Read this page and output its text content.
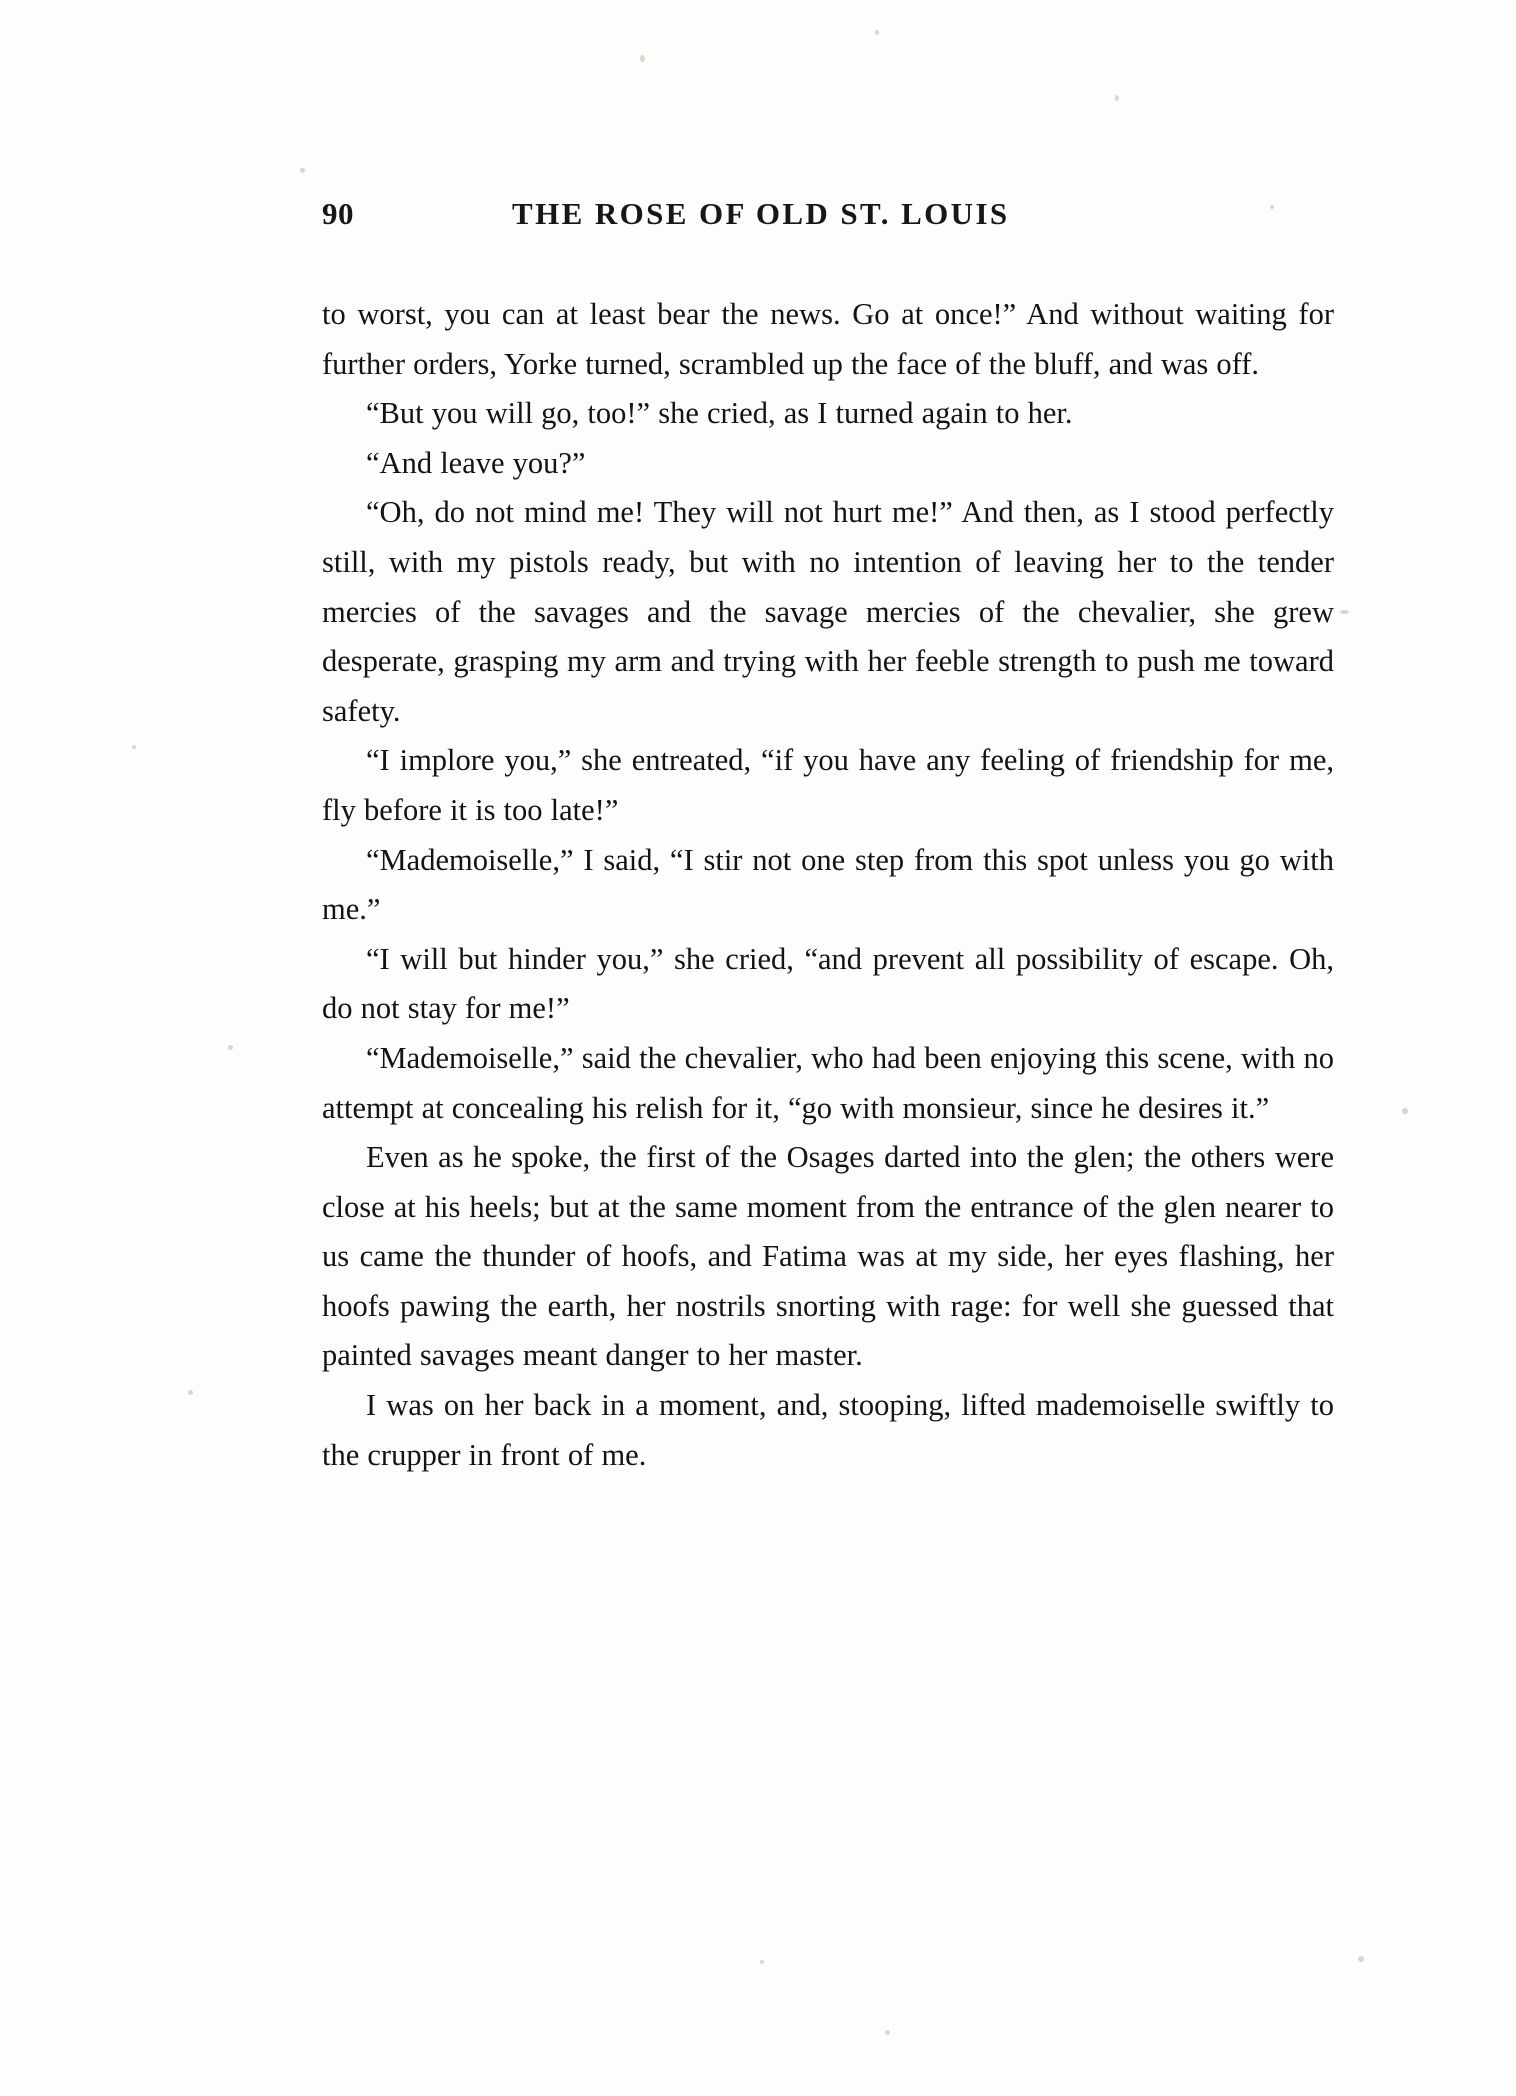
90	THE ROSE OF OLD ST. LOUIS

to worst, you can at least bear the news. Go at once!” And without waiting for further orders, Yorke turned, scrambled up the face of the bluff, and was off.

“But you will go, too!” she cried, as I turned again to her.

“And leave you?”

“Oh, do not mind me! They will not hurt me!” And then, as I stood perfectly still, with my pistols ready, but with no intention of leaving her to the tender mercies of the savages and the savage mercies of the chevalier, she grew desperate, grasping my arm and trying with her feeble strength to push me toward safety.

“I implore you,” she entreated, “if you have any feeling of friendship for me, fly before it is too late!”

“Mademoiselle,” I said, “I stir not one step from this spot unless you go with me.”

“I will but hinder you,” she cried, “and prevent all possibility of escape. Oh, do not stay for me!”

“Mademoiselle,” said the chevalier, who had been enjoying this scene, with no attempt at concealing his relish for it, “go with monsieur, since he desires it.”

Even as he spoke, the first of the Osages darted into the glen; the others were close at his heels; but at the same moment from the entrance of the glen nearer to us came the thunder of hoofs, and Fatima was at my side, her eyes flashing, her hoofs pawing the earth, her nostrils snorting with rage: for well she guessed that painted savages meant danger to her master.

I was on her back in a moment, and, stooping, lifted mademoiselle swiftly to the crupper in front of me.
